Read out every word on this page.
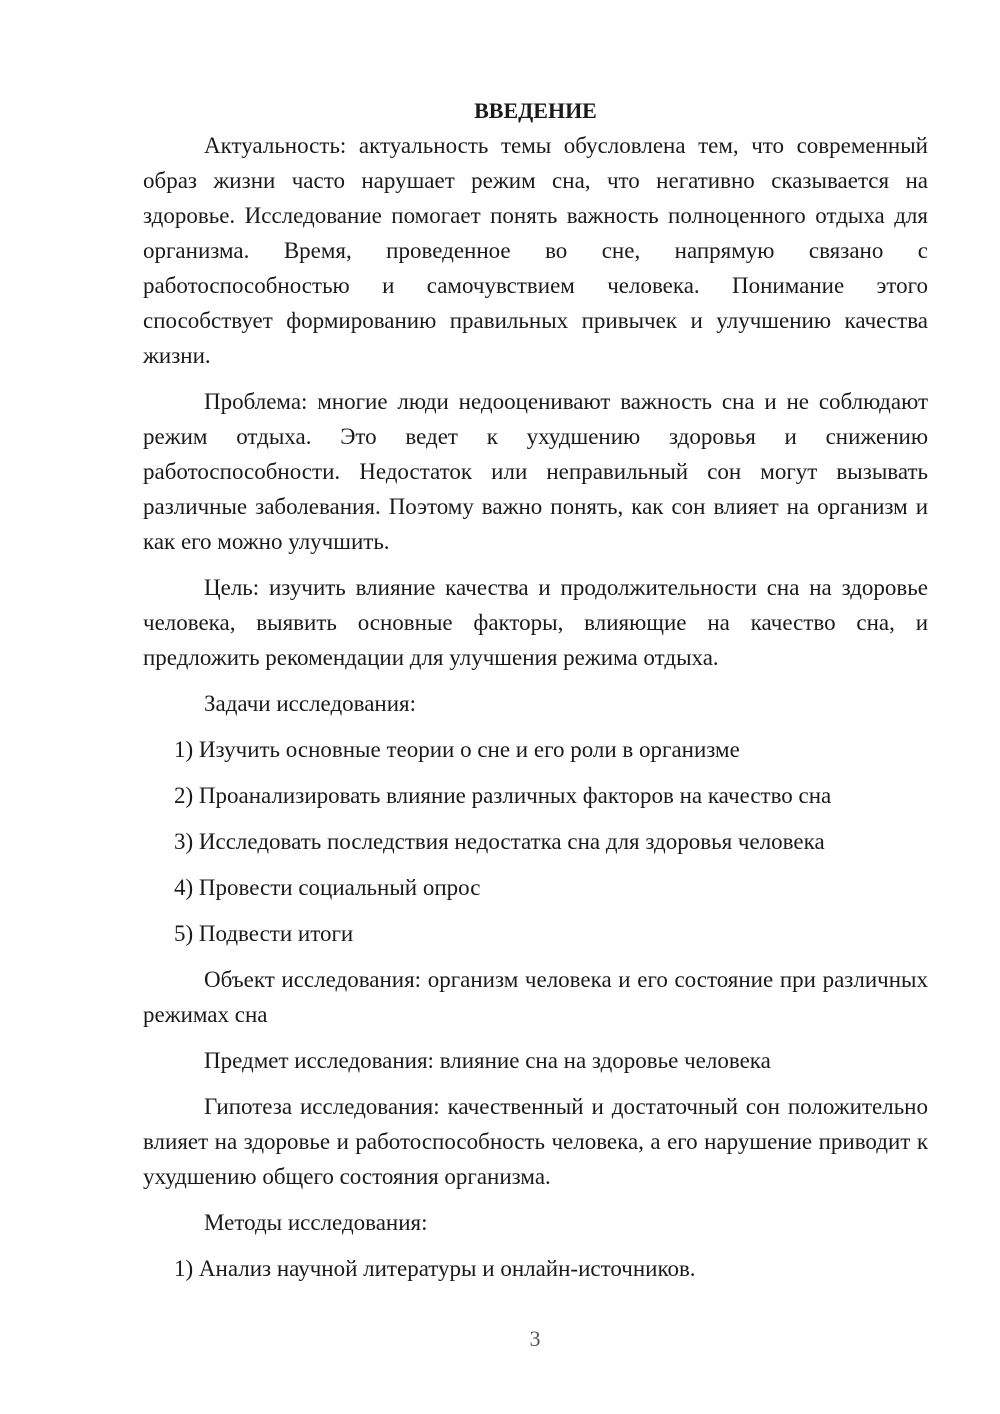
ВВЕДЕНИЕ

Актуальность: актуальность темы обусловлена тем, что современный образ жизни часто нарушает режим сна, что негативно сказывается на здоровье. Исследование помогает понять важность полноценного отдыха для организма. Время, проведенное во сне, напрямую связано с работоспособностью и самочувствием человека. Понимание этого способствует формированию правильных привычек и улучшению качества жизни.

Проблема: многие люди недооценивают важность сна и не соблюдают режим отдыха. Это ведет к ухудшению здоровья и снижению работоспособности. Недостаток или неправильный сон могут вызывать различные заболевания. Поэтому важно понять, как сон влияет на организм и как его можно улучшить.

Цель: изучить влияние качества и продолжительности сна на здоровье человека, выявить основные факторы, влияющие на качество сна, и предложить рекомендации для улучшения режима отдыха.

Задачи исследования:

1) Изучить основные теории о сне и его роли в организме

2) Проанализировать влияние различных факторов на качество сна

3) Исследовать последствия недостатка сна для здоровья человека

4) Провести социальный опрос

5) Подвести итоги

Объект исследования: организм человека и его состояние при различных режимах сна

Предмет исследования: влияние сна на здоровье человека

Гипотеза исследования: качественный и достаточный сон положительно влияет на здоровье и работоспособность человека, а его нарушение приводит к ухудшению общего состояния организма.

Методы исследования:

1) Анализ научной литературы и онлайн-источников.

3
